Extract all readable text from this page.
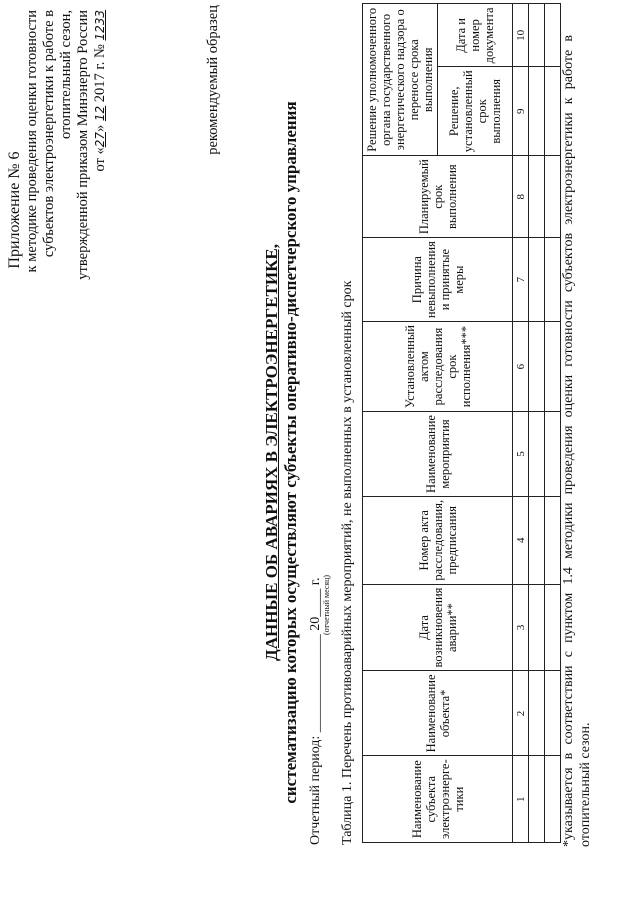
Приложение № 6 к методике проведения оценки готовности субъектов электроэнергетики к работе в отопительный сезон, утвержденной приказом Минэнерго России от «27» 12 2017 г. № 1233	рекомендуемый образец
ДАННЫЕ ОБ АВАРИЯХ В ЭЛЕКТРОЭНЕРГЕТИКЕ, систематизацию которых осуществляют субъекты оперативно-диспетчерского управления Отчетный период: ______________ 20____ г. (отчетный месяц) Таблица 1. Перечень противоаварийных мероприятий, не выполненных в установленный срок	Наименование субъекта электроэнерге-тики	Наименование объекта*	Дата возникновения аварии**	Номер акта расследования, предписания	Наименование мероприятия	Установленный актом расследования срок исполнения***	Причина невыполнения и принятые меры	Планируемый срок выполнения	Решение уполномоченного органа государственного энергетического надзора о переносе срока выполнения	
								Решение, установленный срок выполнения	Дата и номер документа
1	2	3	4	5	6	7	8	9	10

									*указывается в соответствии с пунктом 1.4 методики проведения оценки готовности субъектов электроэнергетики к работе в отопительный сезон.
